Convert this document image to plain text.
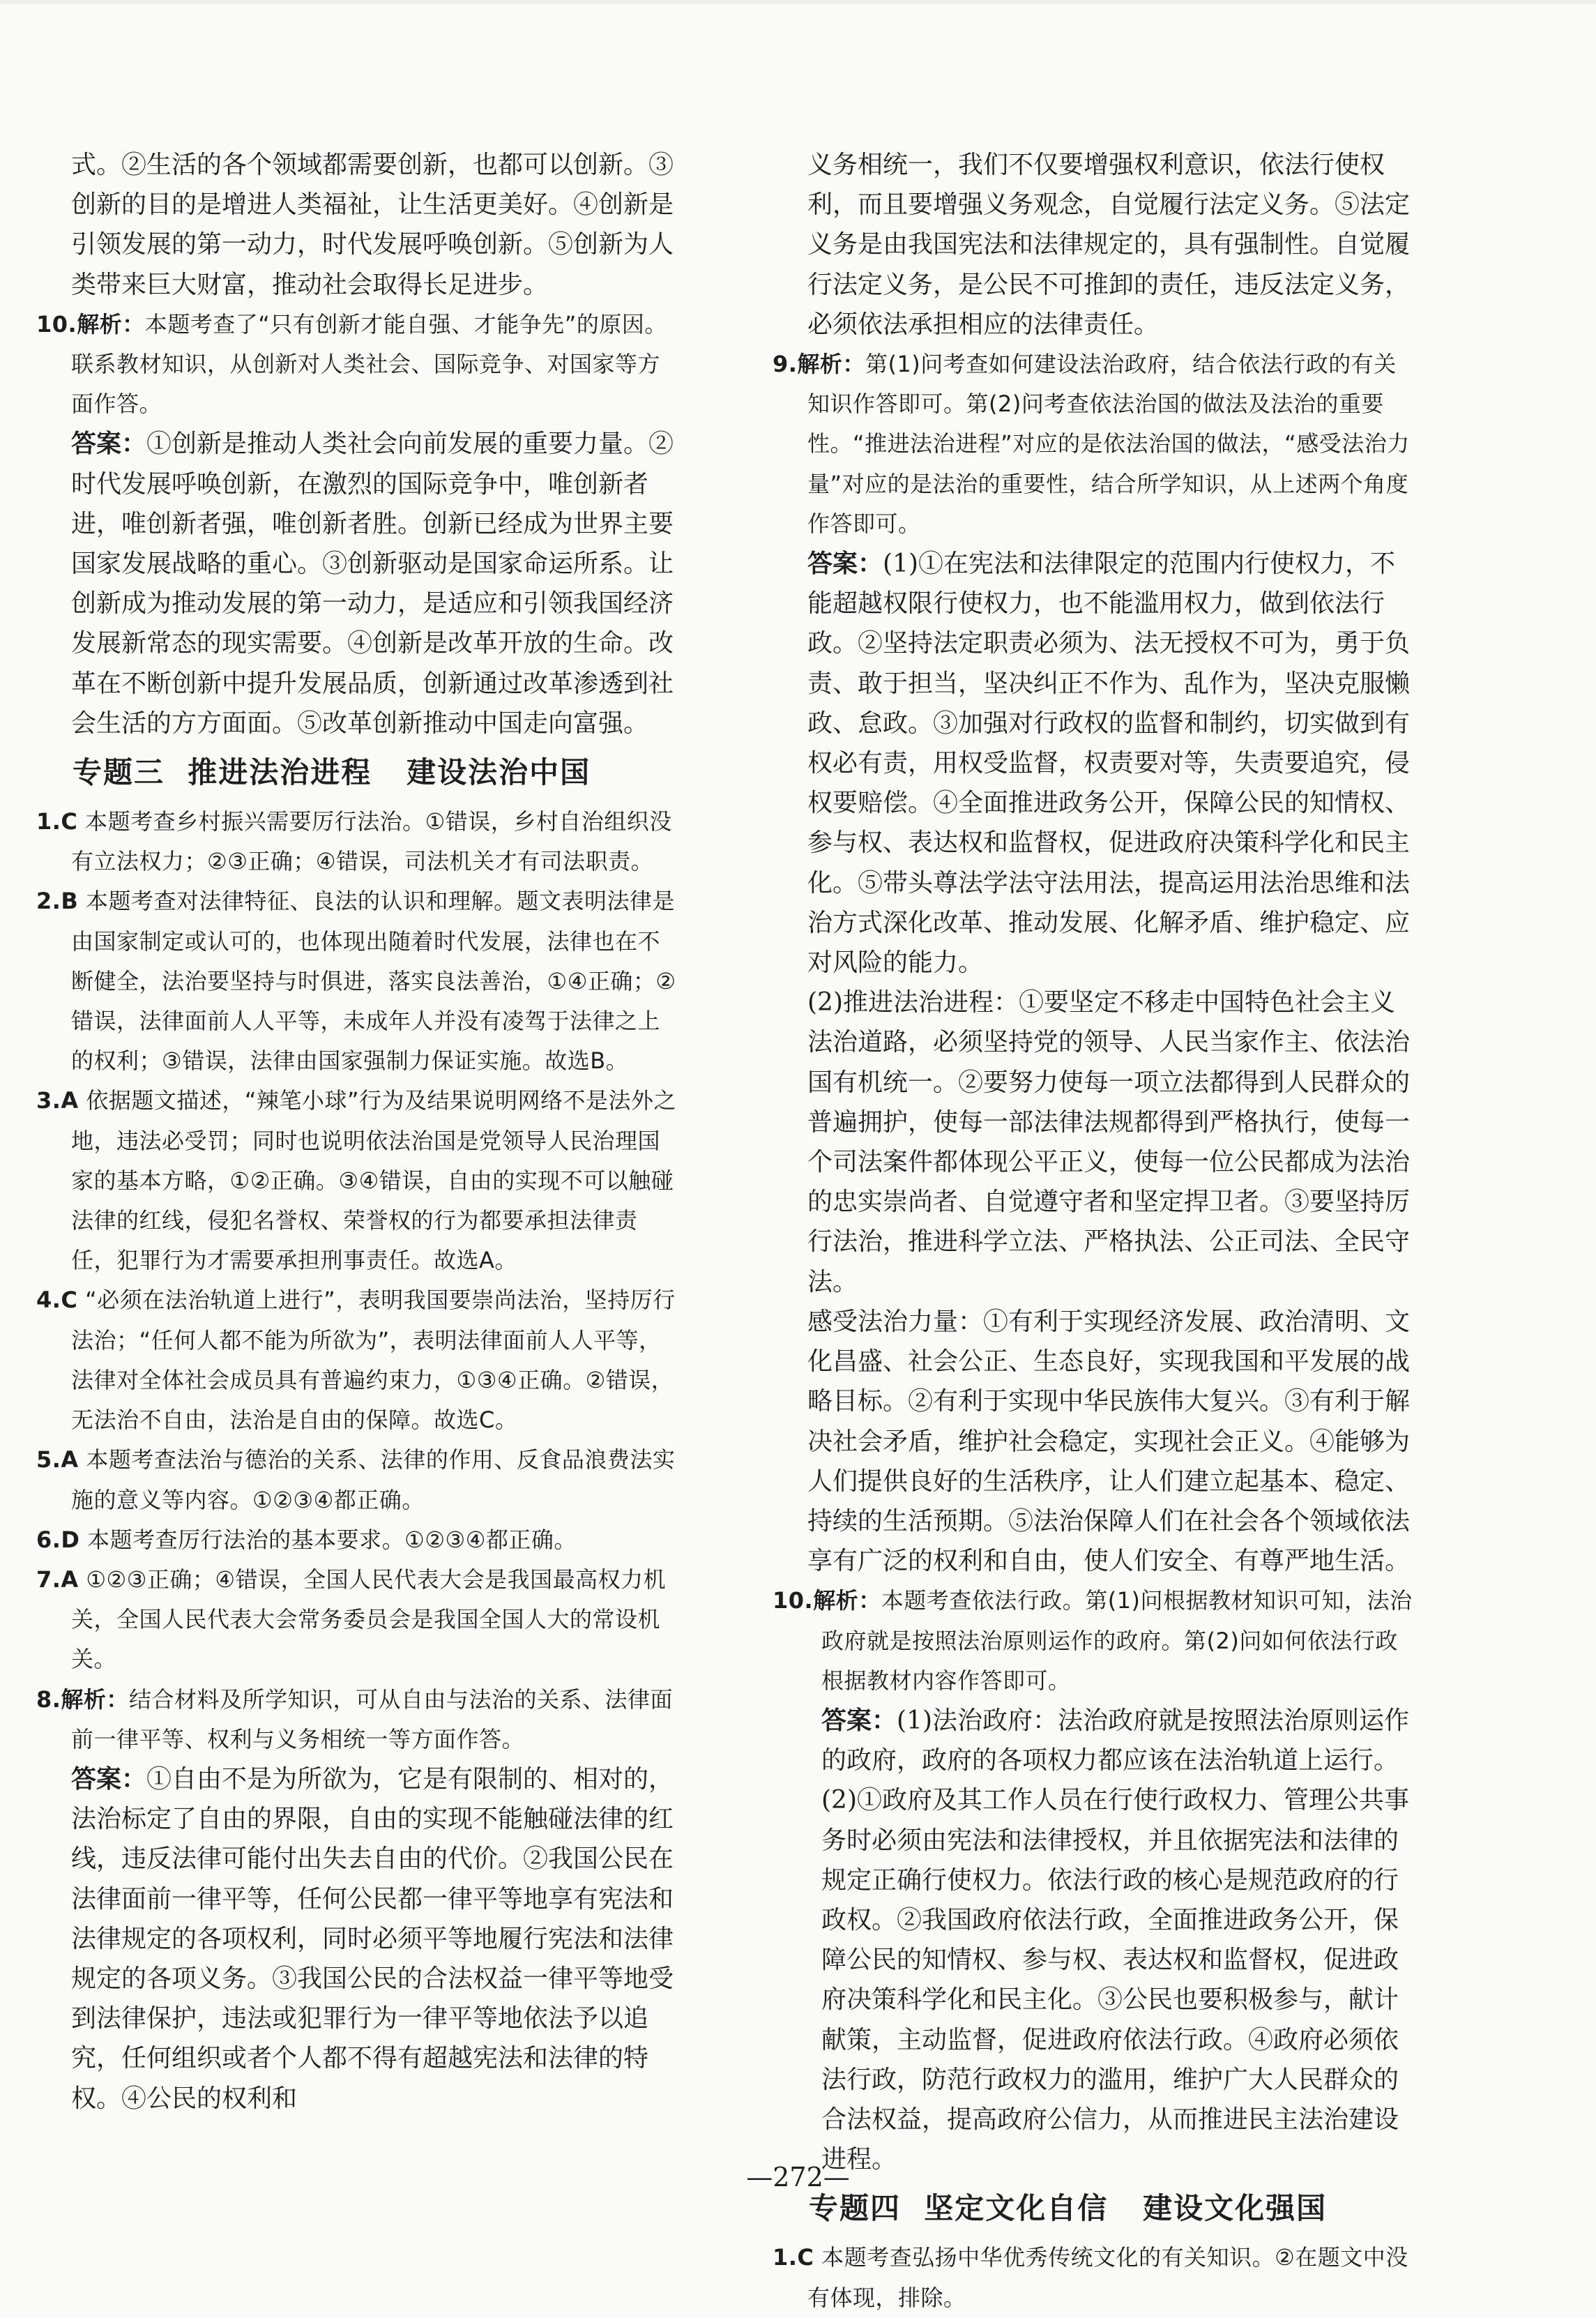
式。②生活的各个领域都需要创新，也都可以创新。③创新的目的是增进人类福祉，让生活更美好。④创新是引领发展的第一动力，时代发展呼唤创新。⑤创新为人类带来巨大财富，推动社会取得长足进步。

10.解析：本题考查了“只有创新才能自强、才能争先”的原因。联系教材知识，从创新对人类社会、国际竞争、对国家等方面作答。

答案：①创新是推动人类社会向前发展的重要力量。②时代发展呼唤创新，在激烈的国际竞争中，唯创新者进，唯创新者强，唯创新者胜。创新已经成为世界主要国家发展战略的重心。③创新驱动是国家命运所系。让创新成为推动发展的第一动力，是适应和引领我国经济发展新常态的现实需要。④创新是改革开放的生命。改革在不断创新中提升发展品质，创新通过改革渗透到社会生活的方方面面。⑤改革创新推动中国走向富强。

专题三  推进法治进程   建设法治中国

1.C 本题考查乡村振兴需要厉行法治。①错误，乡村自治组织没有立法权力；②③正确；④错误，司法机关才有司法职责。

2.B 本题考查对法律特征、良法的认识和理解。题文表明法律是由国家制定或认可的，也体现出随着时代发展，法律也在不断健全，法治要坚持与时俱进，落实良法善治，①④正确；②错误，法律面前人人平等，未成年人并没有凌驾于法律之上的权利；③错误，法律由国家强制力保证实施。故选B。

3.A 依据题文描述，“辣笔小球”行为及结果说明网络不是法外之地，违法必受罚；同时也说明依法治国是党领导人民治理国家的基本方略，①②正确。③④错误，自由的实现不可以触碰法律的红线，侵犯名誉权、荣誉权的行为都要承担法律责任，犯罪行为才需要承担刑事责任。故选A。

4.C “必须在法治轨道上进行”，表明我国要崇尚法治，坚持厉行法治；“任何人都不能为所欲为”，表明法律面前人人平等，法律对全体社会成员具有普遍约束力，①③④正确。②错误，无法治不自由，法治是自由的保障。故选C。

5.A 本题考查法治与德治的关系、法律的作用、反食品浪费法实施的意义等内容。①②③④都正确。

6.D 本题考查厉行法治的基本要求。①②③④都正确。

7.A ①②③正确；④错误，全国人民代表大会是我国最高权力机关，全国人民代表大会常务委员会是我国全国人大的常设机关。

8.解析：结合材料及所学知识，可从自由与法治的关系、法律面前一律平等、权利与义务相统一等方面作答。

答案：①自由不是为所欲为，它是有限制的、相对的，法治标定了自由的界限，自由的实现不能触碰法律的红线，违反法律可能付出失去自由的代价。②我国公民在法律面前一律平等，任何公民都一律平等地享有宪法和法律规定的各项权利，同时必须平等地履行宪法和法律规定的各项义务。③我国公民的合法权益一律平等地受到法律保护，违法或犯罪行为一律平等地依法予以追究，任何组织或者个人都不得有超越宪法和法律的特权。④公民的权利和

义务相统一，我们不仅要增强权利意识，依法行使权利，而且要增强义务观念，自觉履行法定义务。⑤法定义务是由我国宪法和法律规定的，具有强制性。自觉履行法定义务，是公民不可推卸的责任，违反法定义务，必须依法承担相应的法律责任。

9.解析：第(1)问考查如何建设法治政府，结合依法行政的有关知识作答即可。第(2)问考查依法治国的做法及法治的重要性。“推进法治进程”对应的是依法治国的做法，“感受法治力量”对应的是法治的重要性，结合所学知识，从上述两个角度作答即可。

答案：(1)①在宪法和法律限定的范围内行使权力，不能超越权限行使权力，也不能滥用权力，做到依法行政。②坚持法定职责必须为、法无授权不可为，勇于负责、敢于担当，坚决纠正不作为、乱作为，坚决克服懒政、怠政。③加强对行政权的监督和制约，切实做到有权必有责，用权受监督，权责要对等，失责要追究，侵权要赔偿。④全面推进政务公开，保障公民的知情权、参与权、表达权和监督权，促进政府决策科学化和民主化。⑤带头尊法学法守法用法，提高运用法治思维和法治方式深化改革、推动发展、化解矛盾、维护稳定、应对风险的能力。

(2)推进法治进程：①要坚定不移走中国特色社会主义法治道路，必须坚持党的领导、人民当家作主、依法治国有机统一。②要努力使每一项立法都得到人民群众的普遍拥护，使每一部法律法规都得到严格执行，使每一个司法案件都体现公平正义，使每一位公民都成为法治的忠实崇尚者、自觉遵守者和坚定捍卫者。③要坚持厉行法治，推进科学立法、严格执法、公正司法、全民守法。

感受法治力量：①有利于实现经济发展、政治清明、文化昌盛、社会公正、生态良好，实现我国和平发展的战略目标。②有利于实现中华民族伟大复兴。③有利于解决社会矛盾，维护社会稳定，实现社会正义。④能够为人们提供良好的生活秩序，让人们建立起基本、稳定、持续的生活预期。⑤法治保障人们在社会各个领域依法享有广泛的权利和自由，使人们安全、有尊严地生活。

10.解析：本题考查依法行政。第(1)问根据教材知识可知，法治政府就是按照法治原则运作的政府。第(2)问如何依法行政根据教材内容作答即可。

答案：(1)法治政府：法治政府就是按照法治原则运作的政府，政府的各项权力都应该在法治轨道上运行。

(2)①政府及其工作人员在行使行政权力、管理公共事务时必须由宪法和法律授权，并且依据宪法和法律的规定正确行使权力。依法行政的核心是规范政府的行政权。②我国政府依法行政，全面推进政务公开，保障公民的知情权、参与权、表达权和监督权，促进政府决策科学化和民主化。③公民也要积极参与，献计献策，主动监督，促进政府依法行政。④政府必须依法行政，防范行政权力的滥用，维护广大人民群众的合法权益，提高政府公信力，从而推进民主法治建设进程。

专题四  坚定文化自信   建设文化强国

1.C 本题考查弘扬中华优秀传统文化的有关知识。②在题文中没有体现，排除。

—272—
